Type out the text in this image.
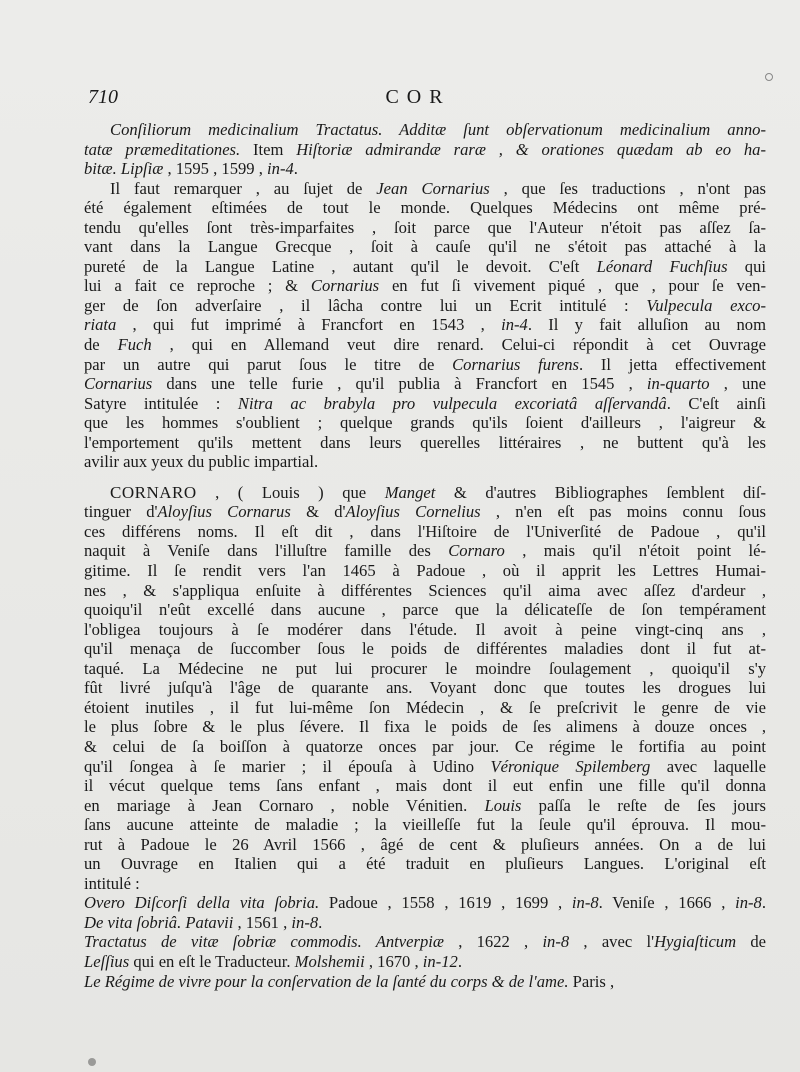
710	COR
Conſiliorum medicinalium Tractatus. Additæ ſunt obſervationum medicinalium anno-
tatæ præmeditationes. Item Hiſtoriæ admirandæ raræ , & orationes quædam ab eo ha-
bitæ. Lipſiæ , 1595 , 1599 , in-4.
Il faut remarquer , au ſujet de Jean Cornarius , que ſes traductions , n'ont pas
été également eſtimées de tout le monde. Quelques Médecins ont même pré-
tendu qu'elles ſont très-imparfaites , ſoit parce que l'Auteur n'étoit pas aſſez ſa-
vant dans la Langue Grecque , ſoit à cauſe qu'il ne s'étoit pas attaché à la
pureté de la Langue Latine , autant qu'il le devoit. C'eſt Léonard Fuchſius qui
lui a fait ce reproche ; & Cornarius en fut ſi vivement piqué , que , pour ſe ven-
ger de ſon adverſaire , il lâcha contre lui un Ecrit intitulé : Vulpecula exco-
riata , qui fut imprimé à Francfort en 1543 , in-4. Il y fait alluſion au nom
de Fuch , qui en Allemand veut dire renard. Celui-ci répondit à cet Ouvrage
par un autre qui parut ſous le titre de Cornarius furens. Il jetta effectivement
Cornarius dans une telle furie , qu'il publia à Francfort en 1545 , in-quarto , une
Satyre intitulée : Nitra ac brabyla pro vulpecula excoriatâ aſſervandâ. C'eſt ainſi
que les hommes s'oublient ; quelque grands qu'ils ſoient d'ailleurs , l'aigreur &
l'emportement qu'ils mettent dans leurs querelles littéraires , ne buttent qu'à les
avilir aux yeux du public impartial.
CORNARO , ( Louis ) que Manget & d'autres Bibliographes ſemblent diſ-
tinguer d'Aloyſius Cornarus & d'Aloyſius Cornelius , n'en eſt pas moins connu ſous
ces différens noms. Il eſt dit , dans l'Hiſtoire de l'Univerſité de Padoue , qu'il
naquit à Veniſe dans l'illuſtre famille des Cornaro , mais qu'il n'étoit point lé-
gitime. Il ſe rendit vers l'an 1465 à Padoue , où il apprit les Lettres Humai-
nes , & s'appliqua enſuite à différentes Sciences qu'il aima avec aſſez d'ardeur ,
quoiqu'il n'eût excellé dans aucune , parce que la délicateſſe de ſon tempérament
l'obligea toujours à ſe modérer dans l'étude. Il avoit à peine vingt-cinq ans ,
qu'il menaça de ſuccomber ſous le poids de différentes maladies dont il fut at-
taqué. La Médecine ne put lui procurer le moindre ſoulagement , quoiqu'il s'y
fût livré juſqu'à l'âge de quarante ans. Voyant donc que toutes les drogues lui
étoient inutiles , il fut lui-même ſon Médecin , & ſe preſcrivit le genre de vie
le plus ſobre & le plus ſévere. Il fixa le poids de ſes alimens à douze onces ,
& celui de ſa boiſſon à quatorze onces par jour. Ce régime le fortifia au point
qu'il ſongea à ſe marier ; il épouſa à Udino Véronique Spilemberg avec laquelle
il vécut quelque tems ſans enfant , mais dont il eut enfin une fille qu'il donna
en mariage à Jean Cornaro , noble Vénitien. Louis paſſa le reſte de ſes jours
ſans aucune atteinte de maladie ; la vieilleſſe fut la ſeule qu'il éprouva. Il mou-
rut à Padoue le 26 Avril 1566 , âgé de cent & pluſieurs années. On a de lui
un Ouvrage en Italien qui a été traduit en pluſieurs Langues. L'original eſt
intitulé :
Overo Diſcorſi della vita ſobria. Padoue , 1558 , 1619 , 1699 , in-8. Veniſe , 1666 , in-8.
De vita ſobriâ. Patavii , 1561 , in-8.
Tractatus de vitæ ſobriæ commodis. Antverpiæ , 1622 , in-8 , avec l'Hygiaſticum de
Leſſius qui en eſt le Traducteur. Molshemii , 1670 , in-12.
Le Régime de vivre pour la conſervation de la ſanté du corps & de l'ame. Paris ,
